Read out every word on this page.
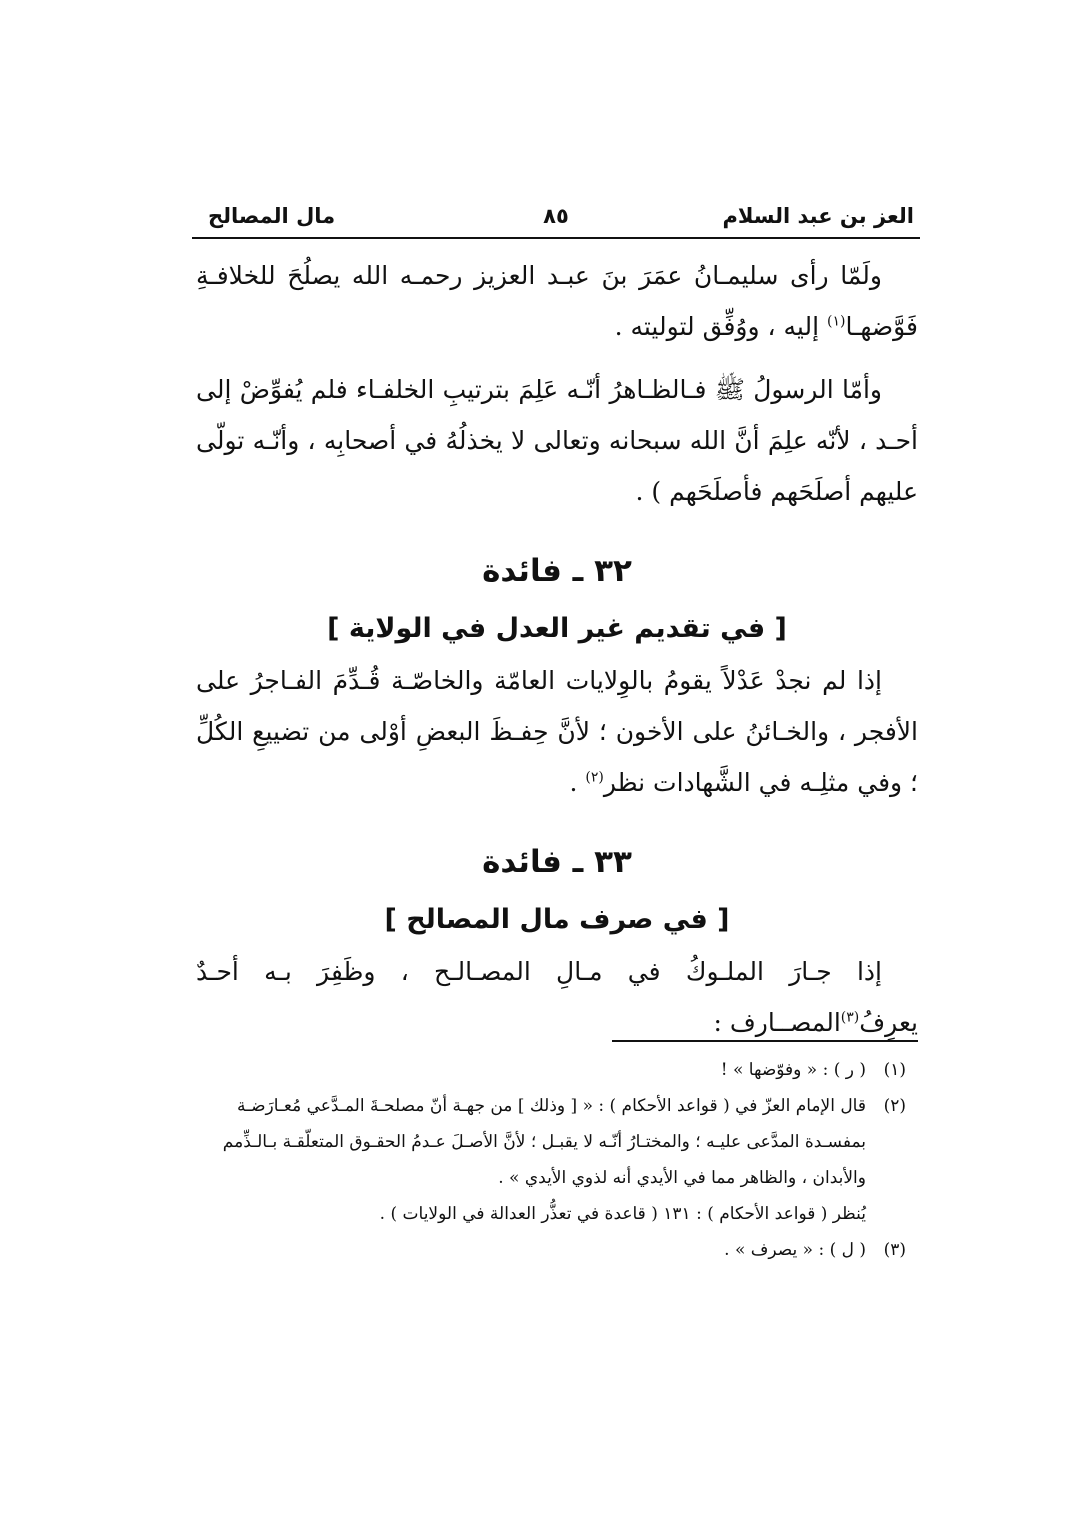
العز بن عبد السلام
٨٥
مال المصالح

ولَمّا رأى سليمـانُ عمَرَ بنَ عبـد العزيز رحمـه الله يصلُحَ للخلافـةِ فَوَّضهـا$^{(١)}$ إليه ، ووُفِّق لتوليته .

وأمّا الرسولُ ﷺ فـالظـاهرُ أنّـه عَلِمَ بترتيبِ الخلفـاء فلم يُفوِّضْ إلى أحـد ، لأنّه علِمَ أنَّ الله سبحانه وتعالى لا يخذلُهُ في أصحابِه ، وأنّـه تولّى عليهم أصلَحَهم فأصلَحَهم ) .

٣٢ ـ فائدة
[ في تقديم غير العدل في الولاية ]

إذا لم نجدْ عَدْلاً يقومُ بالوِلايات العامّة والخاصّـة قُـدِّمَ الفـاجرُ على الأفجر ، والخـائنُ على الأخون ؛ لأنَّ حِفـظَ البعضِ أوْلى من تضييعِ الكُلِّ ؛ وفي مثلِـه في الشَّهادات نظر$^{(٢)}$ .

٣٣ ـ فائدة
[ في صرف مال المصالح ]

إذا جـارَ الملـوكُ في مـالِ المصـالـح ، وظَفِرَ بـه أحـدٌ يعرِفُ$^{(٣)}$المصــارف :

(١)
( ر ) : « وفوّضها » !
(٢)
قال الإمام العزّ في ( قواعد الأحكام ) : « [ وذلك ] من جهـة أنّ مصلحـةَ المـدَّعي مُعـارَضـة
بمفسـدة المدَّعى عليـه ؛ والمختـارُ أنّـه لا يقبـل ؛ لأنَّ الأصـلَ عـدمُ الحقـوق المتعلّقـة بـالـذِّمم
والأبدان ، والظاهر مما في الأيدي أنه لذوي الأيدي » .
يُنظر ( قواعد الأحكام ) : ١٣١ ( قاعدة في تعذُّر العدالة في الولايات ) .
(٣)
( ل ) : « يصرف » .
